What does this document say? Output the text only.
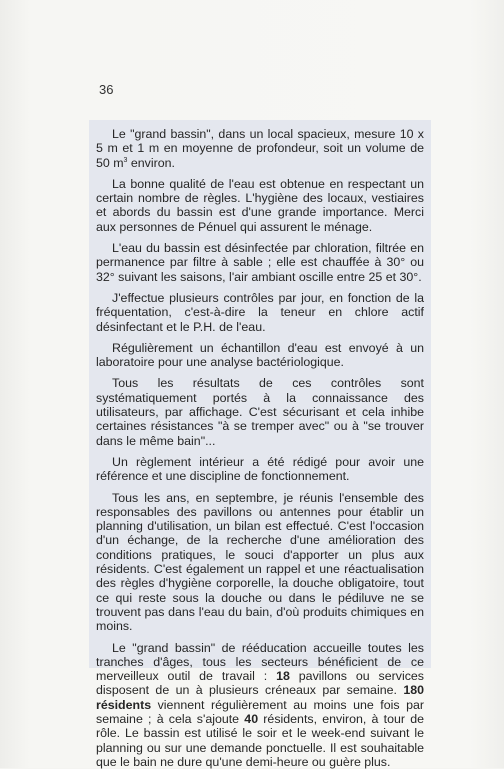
36

Le "grand bassin", dans un local spacieux, mesure 10 x 5 m et 1 m en moyenne de profondeur, soit un volume de 50 $m^3$ environ.

La bonne qualité de l'eau est obtenue en respectant un certain nombre de règles. L'hygiène des locaux, vestiaires et abords du bassin est d'une grande importance. Merci aux personnes de Pénuel qui assurent le ménage.

L'eau du bassin est désinfectée par chloration, filtrée en permanence par filtre à sable ; elle est chauffée à 30° ou 32° suivant les saisons, l'air ambiant oscille entre 25 et 30°.

J'effectue plusieurs contrôles par jour, en fonction de la fréquentation, c'est-à-dire la teneur en chlore actif désinfectant et le P.H. de l'eau.

Régulièrement un échantillon d'eau est envoyé à un laboratoire pour une analyse bactériologique.

Tous les résultats de ces contrôles sont systématiquement portés à la connaissance des utilisateurs, par affichage. C'est sécurisant et cela inhibe certaines résistances "à se tremper avec" ou à "se trouver dans le même bain"...

Un règlement intérieur a été rédigé pour avoir une référence et une discipline de fonctionnement.

Tous les ans, en septembre, je réunis l'ensemble des responsables des pavillons ou antennes pour établir un planning d'utilisation, un bilan est effectué. C'est l'occasion d'un échange, de la recherche d'une amélioration des conditions pratiques, le souci d'apporter un plus aux résidents. C'est également un rappel et une réactualisation des règles d'hygiène corporelle, la douche obligatoire, tout ce qui reste sous la douche ou dans le pédiluve ne se trouvent pas dans l'eau du bain, d'où produits chimiques en moins.

Le "grand bassin" de rééducation accueille toutes les tranches d'âges, tous les secteurs bénéficient de ce merveilleux outil de travail : 18 pavillons ou services disposent de un à plusieurs créneaux par semaine. 180 résidents viennent régulièrement au moins une fois par semaine ; à cela s'ajoute 40 résidents, environ, à tour de rôle. Le bassin est utilisé le soir et le week-end suivant le planning ou sur une demande ponctuelle. Il est souhaitable que le bain ne dure qu'une demi-heure ou guère plus.
